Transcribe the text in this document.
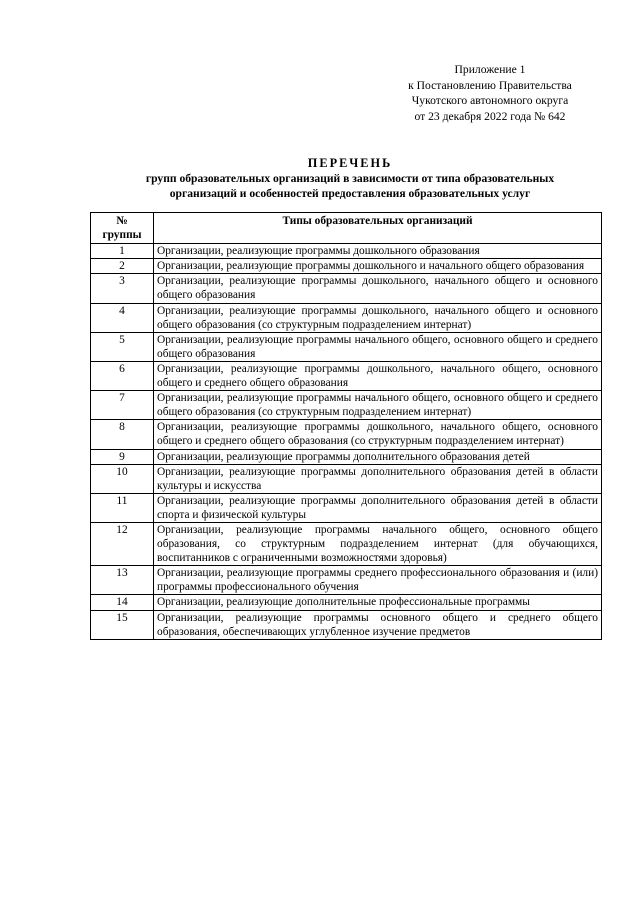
Приложение 1
к Постановлению Правительства
Чукотского автономного округа
от 23 декабря 2022 года № 642
ПЕРЕЧЕНЬ
групп образовательных организаций в зависимости от типа образовательных
организаций и особенностей предоставления образовательных услуг
№
группы	Типы образовательных организаций
1	Организации, реализующие программы дошкольного образования
2	Организации, реализующие программы дошкольного и начального общего образования
3	Организации, реализующие программы дошкольного, начального общего и основного общего образования
4	Организации, реализующие программы дошкольного, начального общего и основного общего образования (со структурным подразделением интернат)
5	Организации, реализующие программы начального общего, основного общего и среднего общего образования
6	Организации, реализующие программы дошкольного, начального общего, основного общего и среднего общего образования
7	Организации, реализующие программы начального общего, основного общего и среднего общего образования (со структурным подразделением интернат)
8	Организации, реализующие программы дошкольного, начального общего, основного общего и среднего общего образования (со структурным подразделением интернат)
9	Организации, реализующие программы дополнительного образования детей
10	Организации, реализующие программы дополнительного образования детей в области культуры и искусства
11	Организации, реализующие программы дополнительного образования детей в области спорта и физической культуры
12	Организации, реализующие программы начального общего, основного общего образования, со структурным подразделением интернат (для обучающихся, воспитанников с ограниченными возможностями здоровья)
13	Организации, реализующие программы среднего профессионального образования и (или) программы профессионального обучения
14	Организации, реализующие дополнительные профессиональные программы
15	Организации, реализующие программы основного общего и среднего общего образования, обеспечивающих углубленное изучение предметов
